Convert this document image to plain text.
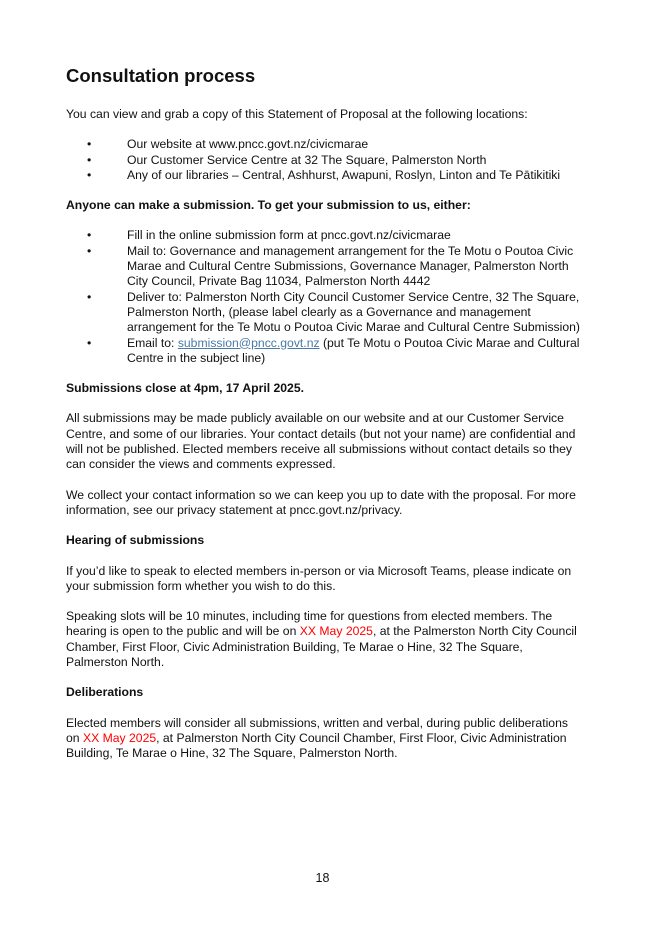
Consultation process

You can view and grab a copy of this Statement of Proposal at the following locations:

•	Our website at www.pncc.govt.nz/civicmarae
•	Our Customer Service Centre at 32 The Square, Palmerston North
•	Any of our libraries – Central, Ashhurst, Awapuni, Roslyn, Linton and Te Pātikitiki

Anyone can make a submission. To get your submission to us, either:

•	Fill in the online submission form at pncc.govt.nz/civicmarae
•	Mail to: Governance and management arrangement for the Te Motu o Poutoa Civic Marae and Cultural Centre Submissions, Governance Manager, Palmerston North City Council, Private Bag 11034, Palmerston North 4442
•	Deliver to: Palmerston North City Council Customer Service Centre, 32 The Square, Palmerston North, (please label clearly as a Governance and management arrangement for the Te Motu o Poutoa Civic Marae and Cultural Centre Submission)
•	Email to: submission@pncc.govt.nz (put Te Motu o Poutoa Civic Marae and Cultural Centre in the subject line)

Submissions close at 4pm, 17 April 2025.

All submissions may be made publicly available on our website and at our Customer Service Centre, and some of our libraries. Your contact details (but not your name) are confidential and will not be published. Elected members receive all submissions without contact details so they can consider the views and comments expressed.

We collect your contact information so we can keep you up to date with the proposal. For more information, see our privacy statement at pncc.govt.nz/privacy.

Hearing of submissions

If you’d like to speak to elected members in-person or via Microsoft Teams, please indicate on your submission form whether you wish to do this.

Speaking slots will be 10 minutes, including time for questions from elected members. The hearing is open to the public and will be on XX May 2025, at the Palmerston North City Council Chamber, First Floor, Civic Administration Building, Te Marae o Hine, 32 The Square, Palmerston North.

Deliberations

Elected members will consider all submissions, written and verbal, during public deliberations on XX May 2025, at Palmerston North City Council Chamber, First Floor, Civic Administration Building, Te Marae o Hine, 32 The Square, Palmerston North.

18
